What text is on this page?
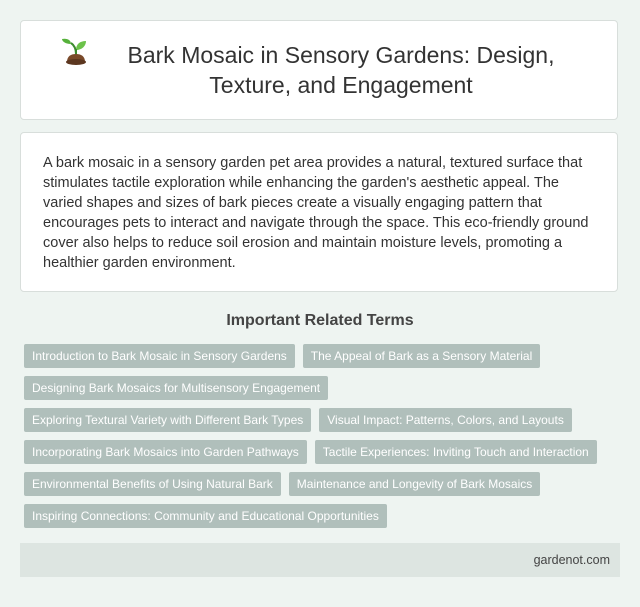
Bark Mosaic in Sensory Gardens: Design, Texture, and Engagement

A bark mosaic in a sensory garden pet area provides a natural, textured surface that stimulates tactile exploration while enhancing the garden's aesthetic appeal. The varied shapes and sizes of bark pieces create a visually engaging pattern that encourages pets to interact and navigate through the space. This eco-friendly ground cover also helps to reduce soil erosion and maintain moisture levels, promoting a healthier garden environment.

Important Related Terms
Introduction to Bark Mosaic in Sensory Gardens	The Appeal of Bark as a Sensory Material
Designing Bark Mosaics for Multisensory Engagement
Exploring Textural Variety with Different Bark Types	Visual Impact: Patterns, Colors, and Layouts
Incorporating Bark Mosaics into Garden Pathways	Tactile Experiences: Inviting Touch and Interaction
Environmental Benefits of Using Natural Bark	Maintenance and Longevity of Bark Mosaics
Inspiring Connections: Community and Educational Opportunities
gardenot.com
